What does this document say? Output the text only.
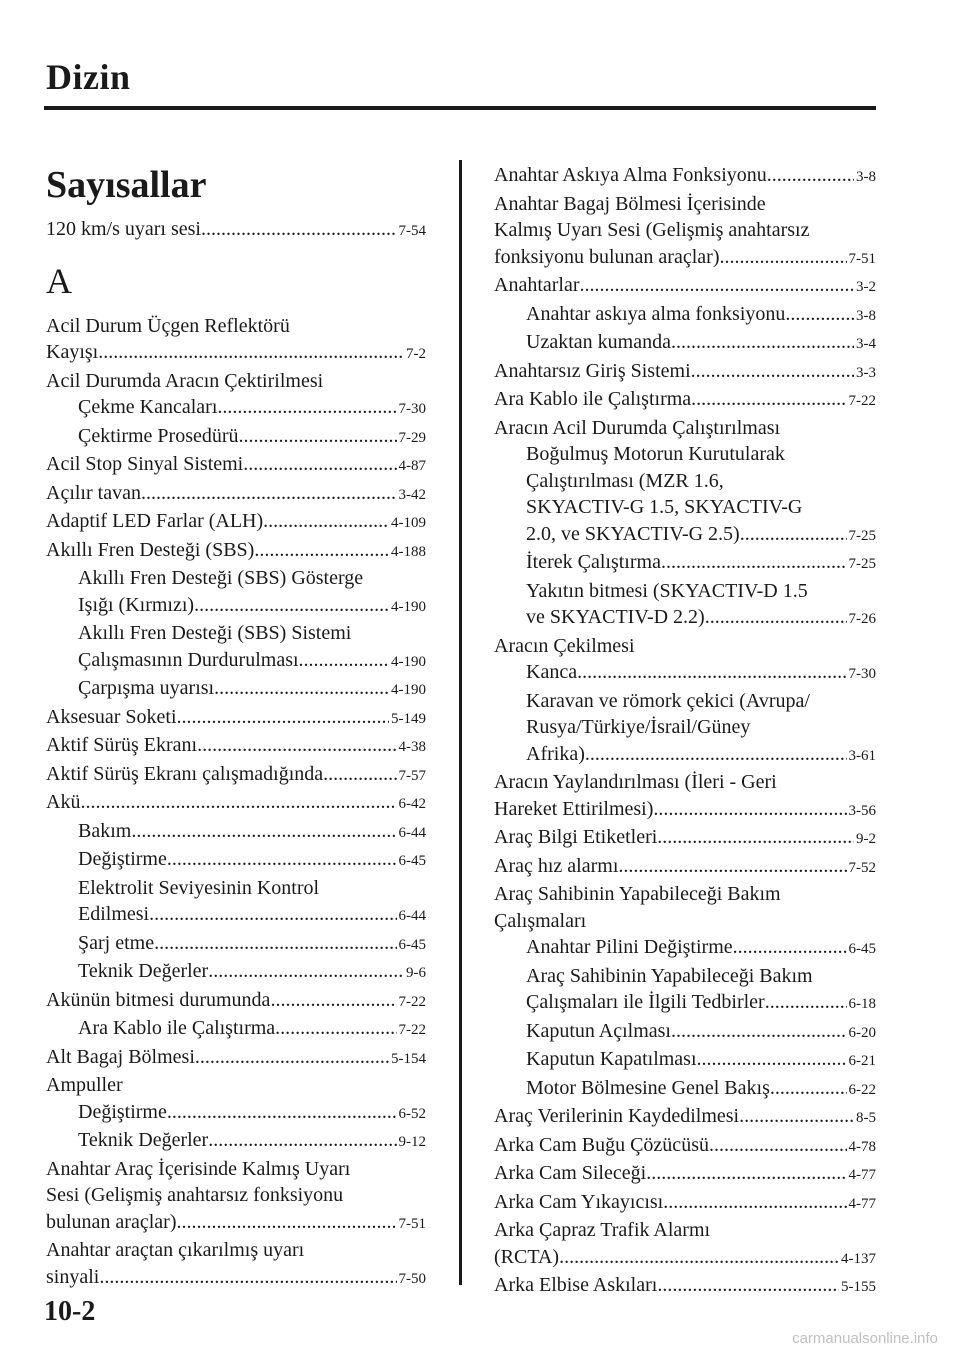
Dizin
Sayısallar
120 km/s uyarı sesi .....	7-54
A
Acil Durum Üçgen Reflektörü
Kayışı .....	7-2
Acil Durumda Aracın Çektirilmesi
Çekme Kancaları .....	7-30
Çektirme Prosedürü .....	7-29
Acil Stop Sinyal Sistemi .....	4-87
Açılır tavan .....	3-42
Adaptif LED Farlar (ALH) .....	4-109
Akıllı Fren Desteği (SBS) .....	4-188
Akıllı Fren Desteği (SBS) Gösterge
Işığı (Kırmızı) .....	4-190
Akıllı Fren Desteği (SBS) Sistemi
Çalışmasının Durdurulması .....	4-190
Çarpışma uyarısı .....	4-190
Aksesuar Soketi .....	5-149
Aktif Sürüş Ekranı .....	4-38
Aktif Sürüş Ekranı çalışmadığında .....	7-57
Akü .....	6-42
Bakım .....	6-44
Değiştirme .....	6-45
Elektrolit Seviyesinin Kontrol
Edilmesi .....	6-44
Şarj etme .....	6-45
Teknik Değerler .....	9-6
Akünün bitmesi durumunda .....	7-22
Ara Kablo ile Çalıştırma .....	7-22
Alt Bagaj Bölmesi .....	5-154
Ampuller
Değiştirme .....	6-52
Teknik Değerler .....	9-12
Anahtar Araç İçerisinde Kalmış Uyarı
Sesi (Gelişmiş anahtarsız fonksiyonu
bulunan araçlar) .....	7-51
Anahtar araçtan çıkarılmış uyarı
sinyali .....	7-50
Anahtar Askıya Alma Fonksiyonu .....	3-8
Anahtar Bagaj Bölmesi İçerisinde
Kalmış Uyarı Sesi (Gelişmiş anahtarsız
fonksiyonu bulunan araçlar) .....	7-51
Anahtarlar .....	3-2
Anahtar askıya alma fonksiyonu .....	3-8
Uzaktan kumanda .....	3-4
Anahtarsız Giriş Sistemi .....	3-3
Ara Kablo ile Çalıştırma .....	7-22
Aracın Acil Durumda Çalıştırılması
Boğulmuş Motorun Kurutularak
Çalıştırılması (MZR 1.6,
SKYACTIV-G 1.5, SKYACTIV-G
2.0, ve SKYACTIV-G 2.5) .....	7-25
İterek Çalıştırma .....	7-25
Yakıtın bitmesi (SKYACTIV-D 1.5
ve SKYACTIV-D 2.2) .....	7-26
Aracın Çekilmesi
Kanca .....	7-30
Karavan ve römork çekici (Avrupa/
Rusya/Türkiye/İsrail/Güney
Afrika) .....	3-61
Aracın Yaylandırılması (İleri - Geri
Hareket Ettirilmesi) .....	3-56
Araç Bilgi Etiketleri .....	9-2
Araç hız alarmı .....	7-52
Araç Sahibinin Yapabileceği Bakım
Çalışmaları
Anahtar Pilini Değiştirme .....	6-45
Araç Sahibinin Yapabileceği Bakım
Çalışmaları ile İlgili Tedbirler .....	6-18
Kaputun Açılması .....	6-20
Kaputun Kapatılması .....	6-21
Motor Bölmesine Genel Bakış .....	6-22
Araç Verilerinin Kaydedilmesi .....	8-5
Arka Cam Buğu Çözücüsü .....	4-78
Arka Cam Sileceği .....	4-77
Arka Cam Yıkayıcısı .....	4-77
Arka Çapraz Trafik Alarmı
(RCTA) .....	4-137
Arka Elbise Askıları .....	5-155
10-2
carmanualsonline.info
